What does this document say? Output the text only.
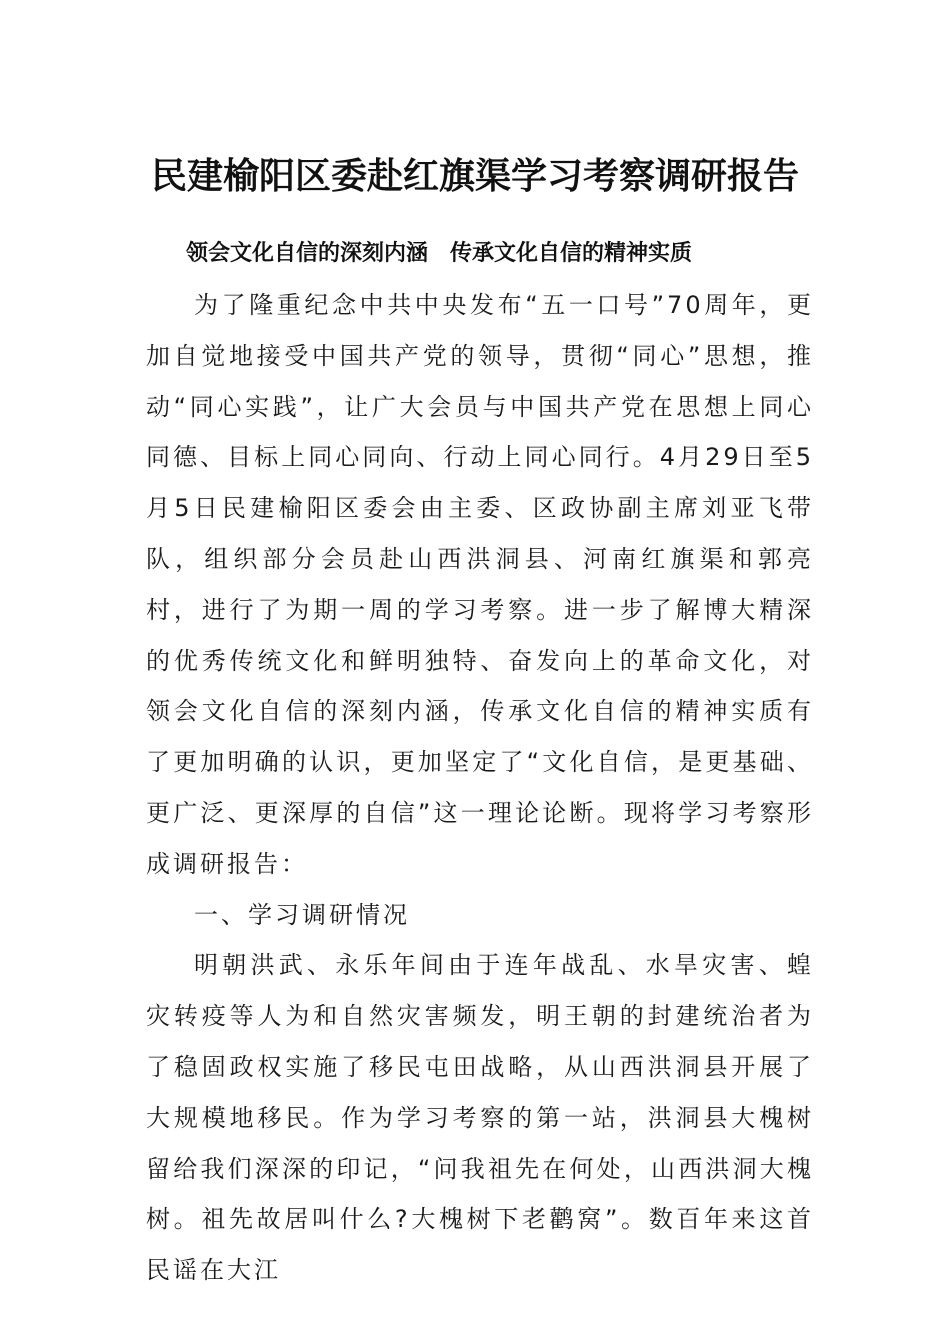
民建榆阳区委赴红旗渠学习考察调研报告
领会文化自信的深刻内涵　传承文化自信的精神实质

为了隆重纪念中共中央发布“五一口号”70周年，更加自觉地接受中国共产党的领导，贯彻“同心”思想，推动“同心实践”，让广大会员与中国共产党在思想上同心同德、目标上同心同向、行动上同心同行。4月29日至5月5日民建榆阳区委会由主委、区政协副主席刘亚飞带队，组织部分会员赴山西洪洞县、河南红旗渠和郭亮村，进行了为期一周的学习考察。进一步了解博大精深的优秀传统文化和鲜明独特、奋发向上的革命文化，对领会文化自信的深刻内涵，传承文化自信的精神实质有了更加明确的认识，更加坚定了“文化自信，是更基础、更广泛、更深厚的自信”这一理论论断。现将学习考察形成调研报告：

一、学习调研情况

明朝洪武、永乐年间由于连年战乱、水旱灾害、蝗灾转疫等人为和自然灾害频发，明王朝的封建统治者为了稳固政权实施了移民屯田战略，从山西洪洞县开展了大规模地移民。作为学习考察的第一站，洪洞县大槐树留给我们深深的印记，“问我祖先在何处，山西洪洞大槐树。祖先故居叫什么?大槐树下老鹳窝”。数百年来这首民谣在大江
